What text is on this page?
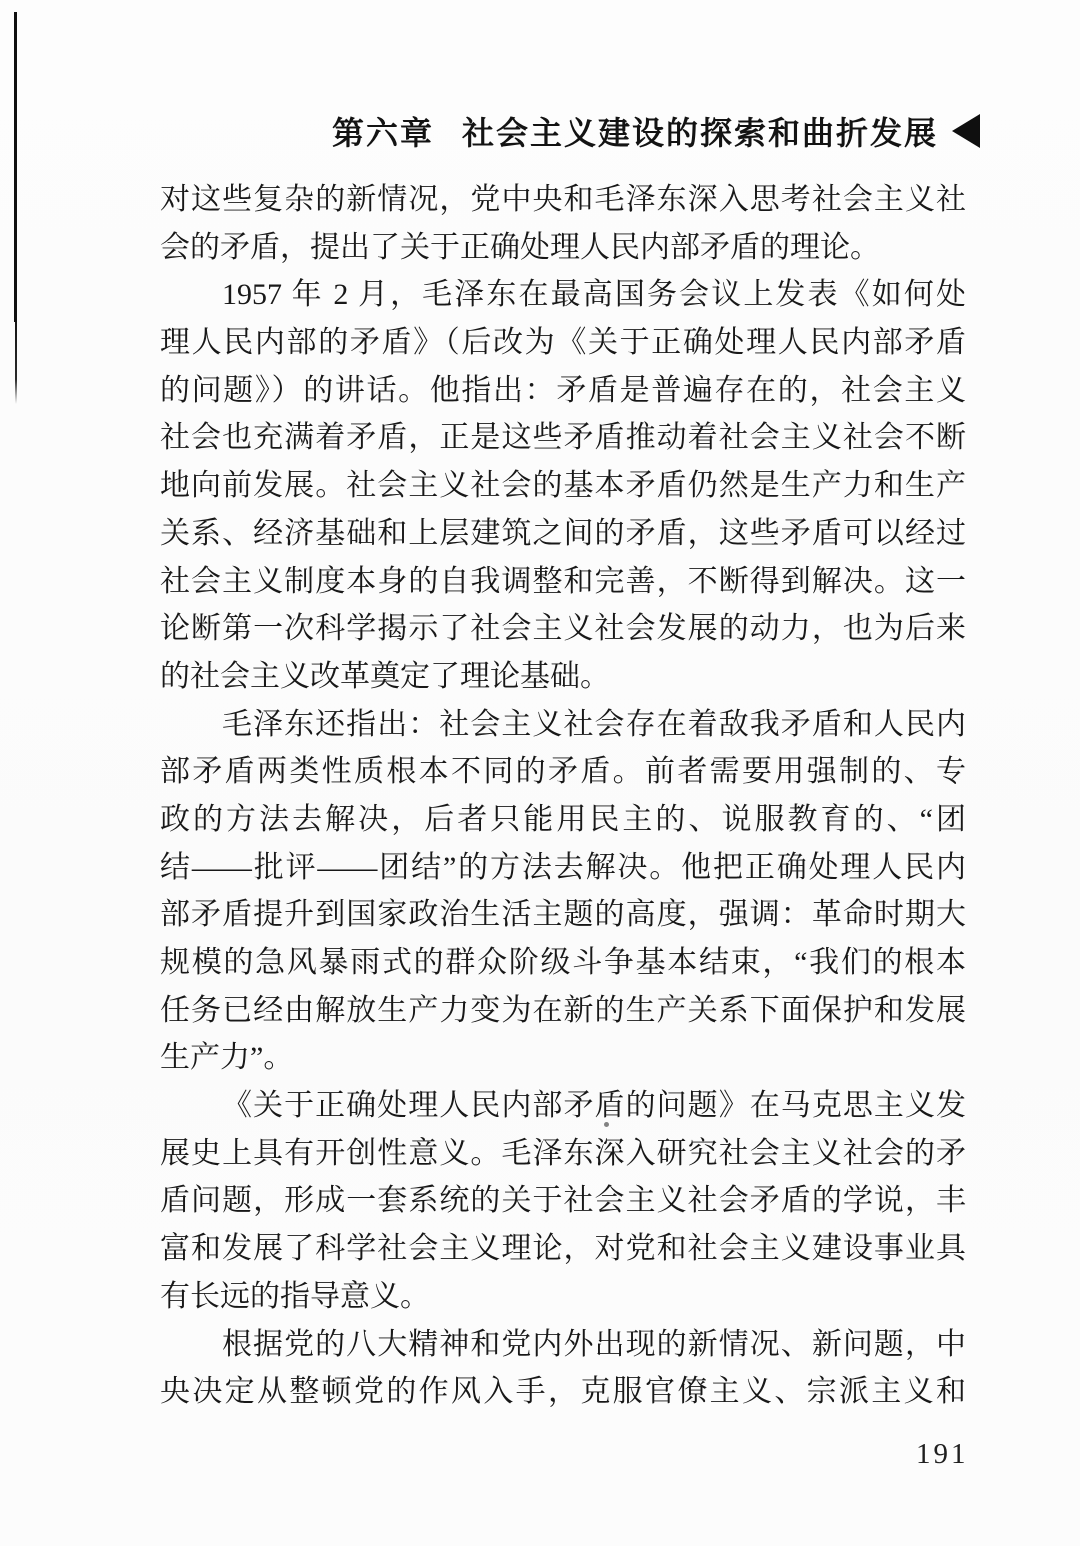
第六章 社会主义建设的探索和曲折发展
对这些复杂的新情况，党中央和毛泽东深入思考社会主义社
会的矛盾，提出了关于正确处理人民内部矛盾的理论。
1957 年 2 月，毛泽东在最高国务会议上发表《如何处
理人民内部的矛盾》（后改为《关于正确处理人民内部矛盾
的问题》）的讲话。他指出：矛盾是普遍存在的，社会主义
社会也充满着矛盾，正是这些矛盾推动着社会主义社会不断
地向前发展。社会主义社会的基本矛盾仍然是生产力和生产
关系、经济基础和上层建筑之间的矛盾，这些矛盾可以经过
社会主义制度本身的自我调整和完善，不断得到解决。这一
论断第一次科学揭示了社会主义社会发展的动力，也为后来
的社会主义改革奠定了理论基础。
毛泽东还指出：社会主义社会存在着敌我矛盾和人民内
部矛盾两类性质根本不同的矛盾。前者需要用强制的、专
政的方法去解决，后者只能用民主的、说服教育的、“团
结——批评——团结”的方法去解决。他把正确处理人民内
部矛盾提升到国家政治生活主题的高度，强调：革命时期大
规模的急风暴雨式的群众阶级斗争基本结束，“我们的根本
任务已经由解放生产力变为在新的生产关系下面保护和发展
生产力”。
《关于正确处理人民内部矛盾的问题》在马克思主义发
展史上具有开创性意义。毛泽东深入研究社会主义社会的矛
盾问题，形成一套系统的关于社会主义社会矛盾的学说，丰
富和发展了科学社会主义理论，对党和社会主义建设事业具
有长远的指导意义。
根据党的八大精神和党内外出现的新情况、新问题，中
央决定从整顿党的作风入手，克服官僚主义、宗派主义和
191
